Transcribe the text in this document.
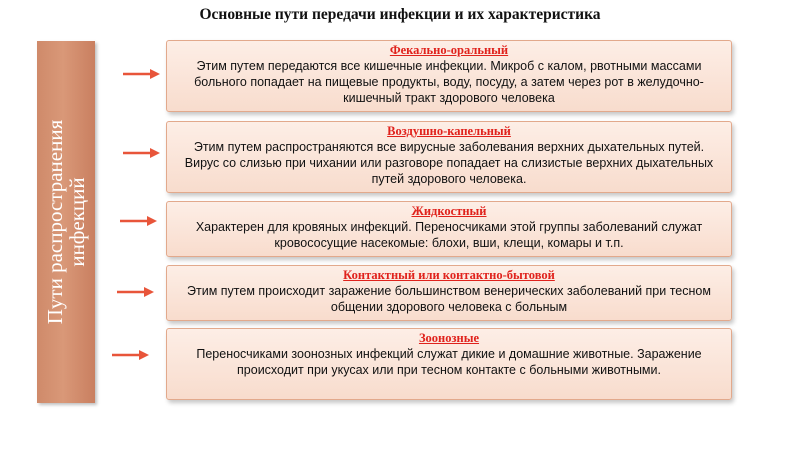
Основные пути передачи инфекции и их характеристика
Пути распространения
инфекций
Фекально-оральный
Этим путем передаются все кишечные инфекции. Микроб с калом, рвотными массами больного попадает на пищевые продукты, воду, посуду, а затем через рот в желудочно-кишечный тракт здорового человека
Воздушно-капельный
Этим путем распространяются все вирусные заболевания верхних дыхательных путей. Вирус со слизью при чихании или разговоре попадает на слизистые верхних дыхательных путей здорового человека.
Жидкостный
Характерен для кровяных инфекций. Переносчиками этой группы заболеваний служат кровососущие насекомые: блохи, вши, клещи, комары и т.п.
Контактный или контактно-бытовой
Этим путем происходит заражение большинством венерических заболеваний при тесном общении здорового человека с больным
Зоонозные
Переносчиками зоонозных инфекций служат дикие и домашние животные. Заражение происходит при укусах или при тесном контакте с больными животными.
